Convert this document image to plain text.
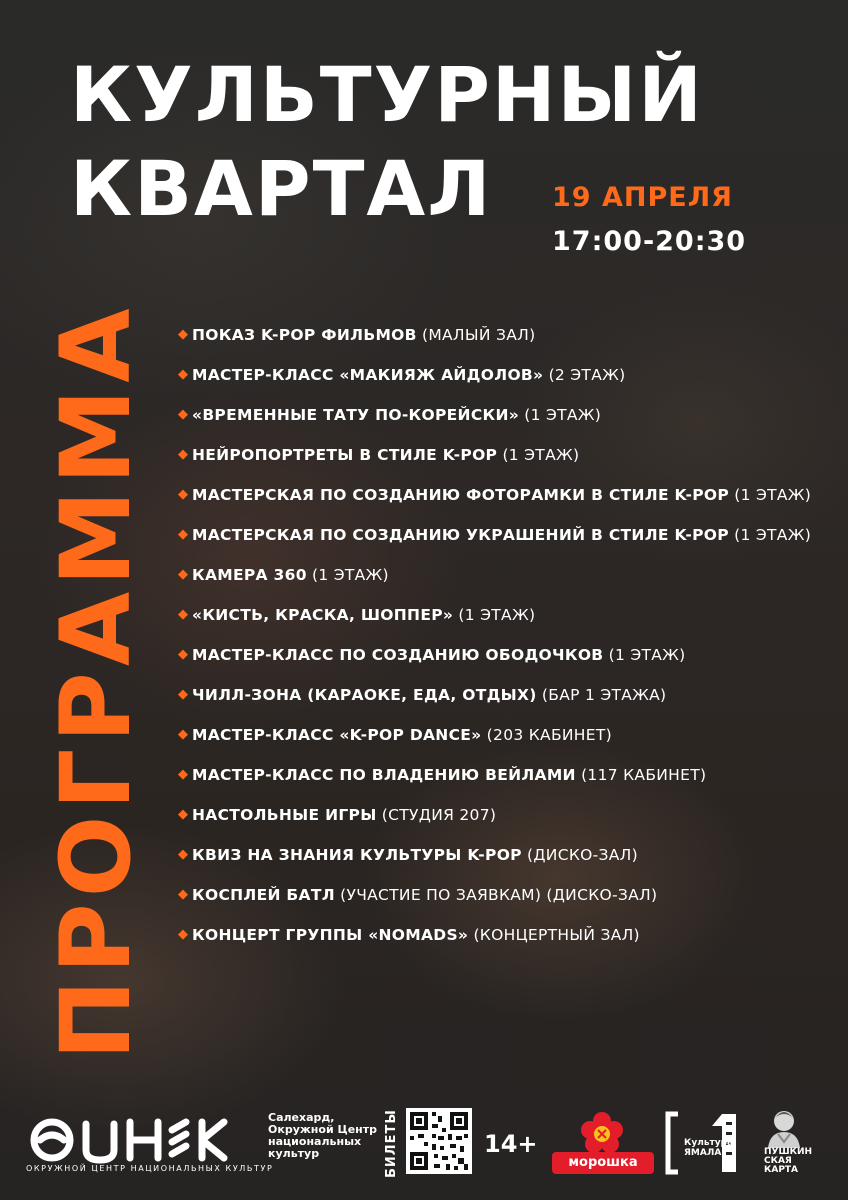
КУЛЬТУРНЫЙ
КВАРТАЛ	19 АПРЕЛЯ
17:00-20:30
ПРОГРАММА ◆ ПОКАЗ K-POP ФИЛЬМОВ (МАЛЫЙ ЗАЛ)
◆ МАСТЕР-КЛАСС «МАКИЯЖ АЙДОЛОВ» (2 ЭТАЖ)
◆ «ВРЕМЕННЫЕ ТАТУ ПО-КОРЕЙСКИ» (1 ЭТАЖ)
◆ НЕЙРОПОРТРЕТЫ В СТИЛЕ K-POP (1 ЭТАЖ)
◆ МАСТЕРСКАЯ ПО СОЗДАНИЮ ФОТОРАМКИ В СТИЛЕ K-POP (1 ЭТАЖ)
◆ МАСТЕРСКАЯ ПО СОЗДАНИЮ УКРАШЕНИЙ В СТИЛЕ K-POP (1 ЭТАЖ)
◆ КАМЕРА 360 (1 ЭТАЖ)
◆ «КИСТЬ, КРАСКА, ШОППЕР» (1 ЭТАЖ)
◆ МАСТЕР-КЛАСС ПО СОЗДАНИЮ ОБОДОЧКОВ (1 ЭТАЖ)
◆ ЧИЛЛ-ЗОНА (КАРАОКЕ, ЕДА, ОТДЫХ) (БАР 1 ЭТАЖА)
◆ МАСТЕР-КЛАСС «K-POP DANCE» (203 КАБИНЕТ)
◆ МАСТЕР-КЛАСС ПО ВЛАДЕНИЮ ВЕЙЛАМИ (117 КАБИНЕТ)
◆ НАСТОЛЬНЫЕ ИГРЫ (СТУДИЯ 207)
◆ КВИЗ НА ЗНАНИЯ КУЛЬТУРЫ K-POP (ДИСКО-ЗАЛ)
◆ КОСПЛЕЙ БАТЛ (УЧАСТИЕ ПО ЗАЯВКАМ) (ДИСКО-ЗАЛ)
◆ КОНЦЕРТ ГРУППЫ «NOMADS» (КОНЦЕРТНЫЙ ЗАЛ)
ОКРУЖНОЙ ЦЕНТР НАЦИОНАЛЬНЫХ КУЛЬТУР
Салехард,
Окружной Центр
национальных
культур	БИЛЕТЫ	14+
морошка
Культура
ЯМАЛА	ПУШКИН
СКАЯ
КАРТА
